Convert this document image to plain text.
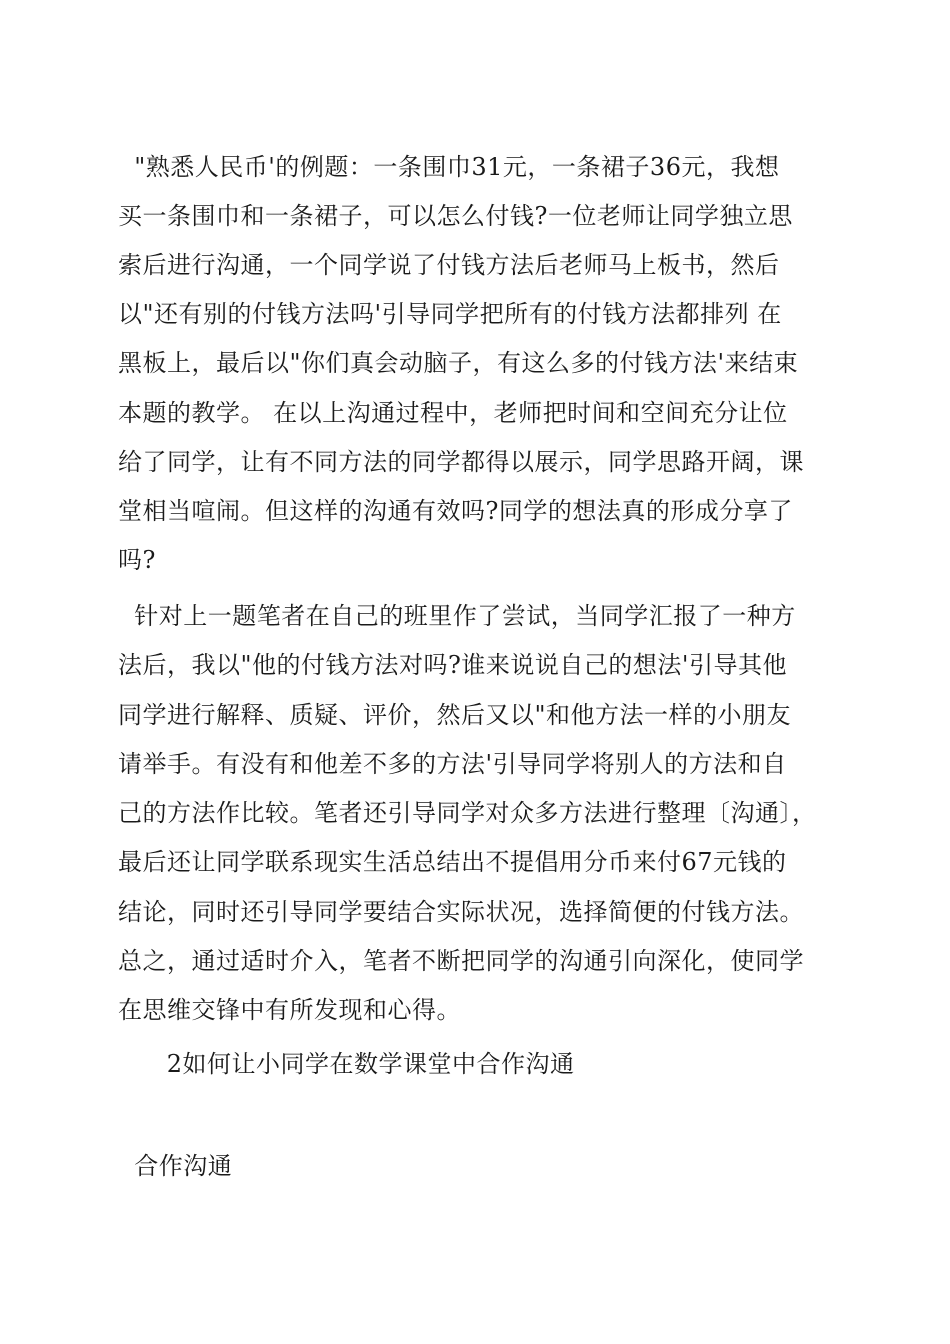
"熟悉人民币'的例题：一条围巾31元，一条裙子36元，我想
买一条围巾和一条裙子，可以怎么付钱?一位老师让同学独立思
索后进行沟通，一个同学说了付钱方法后老师马上板书，然后
以"还有别的付钱方法吗'引导同学把所有的付钱方法都排列 在
黑板上，最后以"你们真会动脑子，有这么多的付钱方法'来结束
本题的教学。 在以上沟通过程中，老师把时间和空间充分让位
给了同学，让有不同方法的同学都得以展示，同学思路开阔，课
堂相当喧闹。但这样的沟通有效吗?同学的想法真的形成分享了
吗?
针对上一题笔者在自己的班里作了尝试，当同学汇报了一种方
法后，我以"他的付钱方法对吗?谁来说说自己的想法'引导其他
同学进行解释、质疑、评价，然后又以"和他方法一样的小朋友
请举手。有没有和他差不多的方法'引导同学将别人的方法和自
己的方法作比较。笔者还引导同学对众多方法进行整理〔沟通〕，
最后还让同学联系现实生活总结出不提倡用分币来付67元钱的
结论，同时还引导同学要结合实际状况，选择简便的付钱方法。
总之，通过适时介入，笔者不断把同学的沟通引向深化，使同学
在思维交锋中有所发现和心得。
2如何让小同学在数学课堂中合作沟通
合作沟通
